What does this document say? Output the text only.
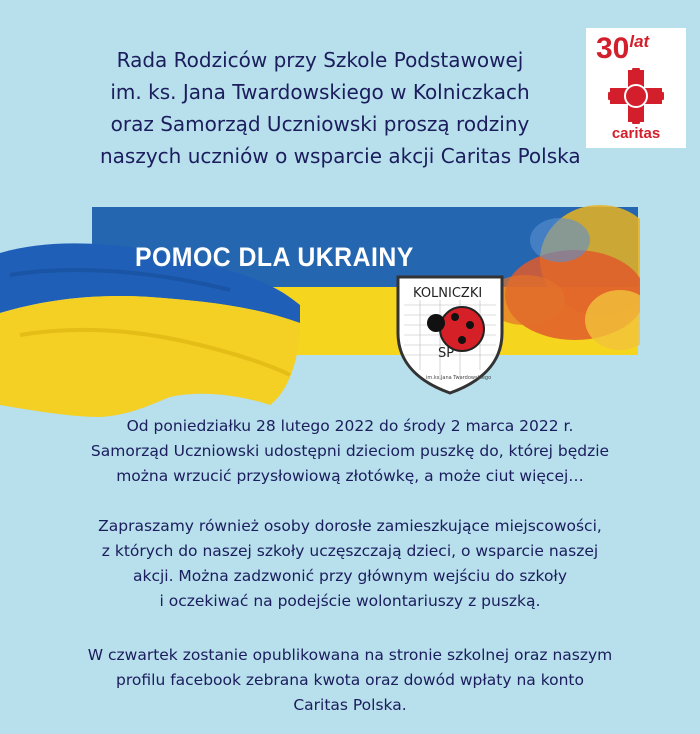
Rada Rodziców przy Szkole Podstawowej
im. ks. Jana Twardowskiego w Kolniczkach
oraz Samorząd Uczniowski proszą rodziny
naszych uczniów o wsparcie akcji Caritas Polska
$30^{lat}$
caritas
SP
im.ks.Jana Twardowskiego
POMOC DLA UKRAINY
KOLNICZKI
Od poniedziałku 28 lutego 2022 do środy 2 marca 2022 r.
Samorząd Uczniowski udostępni dzieciom puszkę do, której będzie
można wrzucić przysłowiową złotówkę, a może ciut więcej…
Zapraszamy również osoby dorosłe zamieszkujące miejscowości,
z których do naszej szkoły uczęszczają dzieci, o wsparcie naszej
akcji. Można zadzwonić przy głównym wejściu do szkoły
i oczekiwać na podejście wolontariuszy z puszką.
W czwartek zostanie opublikowana na stronie szkolnej oraz naszym
profilu facebook zebrana kwota oraz dowód wpłaty na konto
Caritas Polska.
